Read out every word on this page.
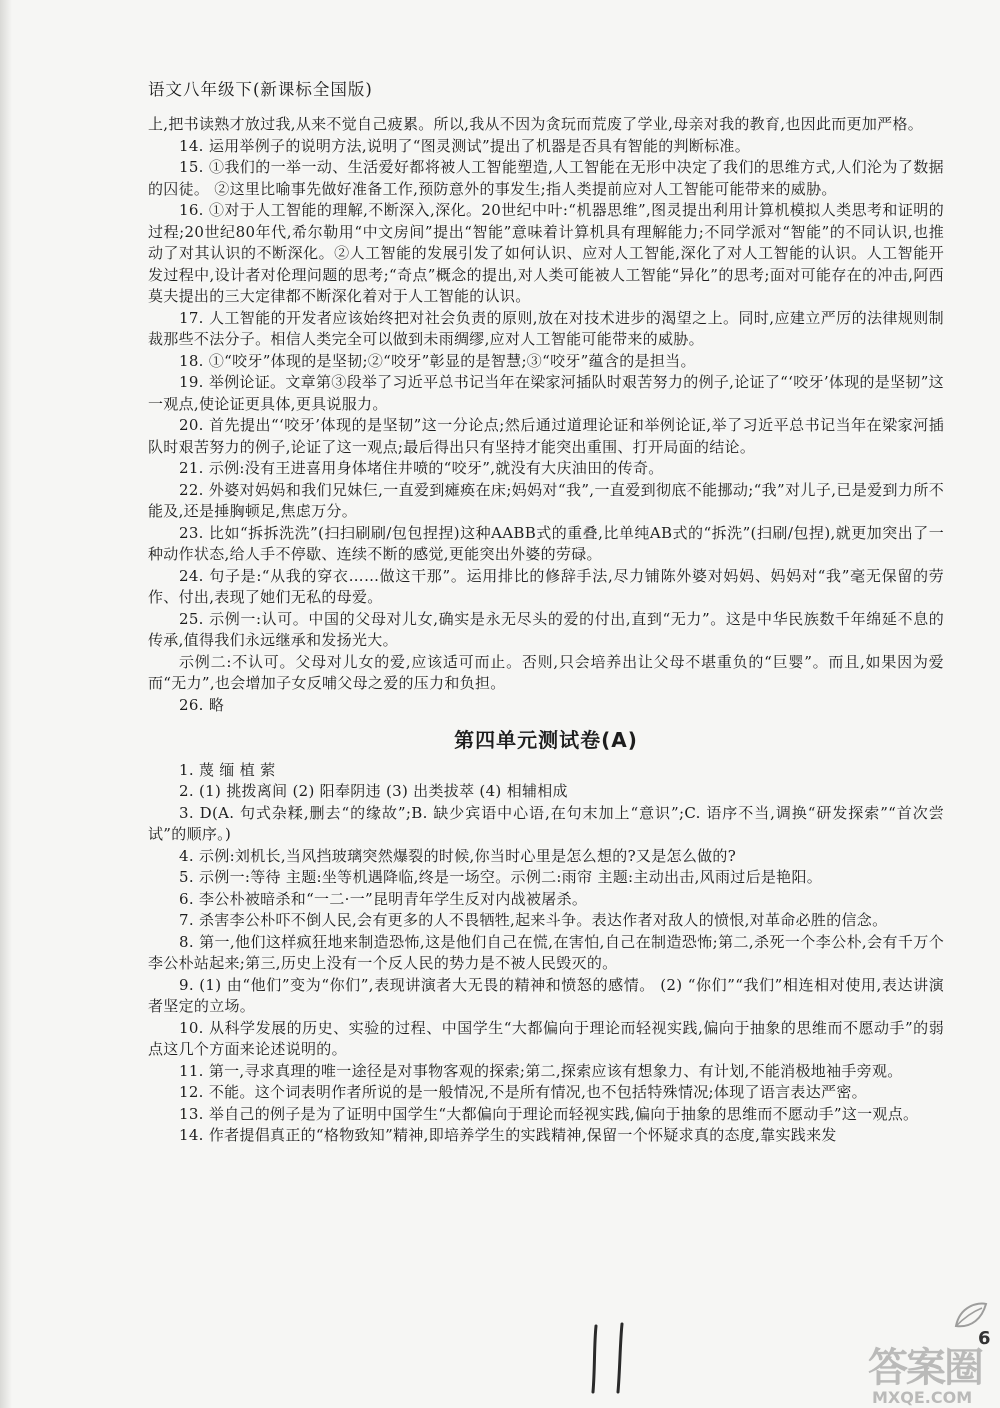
语文八年级下(新课标全国版)

上,把书读熟才放过我,从来不觉自己疲累。所以,我从不因为贪玩而荒废了学业,母亲对我的教育,也因此而更加严格。

14. 运用举例子的说明方法,说明了“图灵测试”提出了机器是否具有智能的判断标准。

15. ①我们的一举一动、生活爱好都将被人工智能塑造,人工智能在无形中决定了我们的思维方式,人们沦为了数据的囚徒。 ②这里比喻事先做好准备工作,预防意外的事发生;指人类提前应对人工智能可能带来的威胁。

16. ①对于人工智能的理解,不断深入,深化。20世纪中叶:“机器思维”,图灵提出利用计算机模拟人类思考和证明的过程;20世纪80年代,希尔勒用“中文房间”提出“智能”意味着计算机具有理解能力;不同学派对“智能”的不同认识,也推动了对其认识的不断深化。②人工智能的发展引发了如何认识、应对人工智能,深化了对人工智能的认识。人工智能开发过程中,设计者对伦理问题的思考;“奇点”概念的提出,对人类可能被人工智能“异化”的思考;面对可能存在的冲击,阿西莫夫提出的三大定律都不断深化着对于人工智能的认识。

17. 人工智能的开发者应该始终把对社会负责的原则,放在对技术进步的渴望之上。同时,应建立严厉的法律规则制裁那些不法分子。相信人类完全可以做到未雨绸缪,应对人工智能可能带来的威胁。

18. ①“咬牙”体现的是坚韧;②“咬牙”彰显的是智慧;③“咬牙”蕴含的是担当。

19. 举例论证。文章第③段举了习近平总书记当年在梁家河插队时艰苦努力的例子,论证了“‘咬牙’体现的是坚韧”这一观点,使论证更具体,更具说服力。

20. 首先提出“‘咬牙’体现的是坚韧”这一分论点;然后通过道理论证和举例论证,举了习近平总书记当年在梁家河插队时艰苦努力的例子,论证了这一观点;最后得出只有坚持才能突出重围、打开局面的结论。

21. 示例:没有王进喜用身体堵住井喷的“咬牙”,就没有大庆油田的传奇。

22. 外婆对妈妈和我们兄妹仨,一直爱到瘫痪在床;妈妈对“我”,一直爱到彻底不能挪动;“我”对儿子,已是爱到力所不能及,还是捶胸顿足,焦虑万分。

23. 比如“拆拆洗洗”(扫扫刷刷/包包捏捏)这种AABB式的重叠,比单纯AB式的“拆洗”(扫刷/包捏),就更加突出了一种动作状态,给人手不停歇、连续不断的感觉,更能突出外婆的劳碌。

24. 句子是:“从我的穿衣……做这干那”。运用排比的修辞手法,尽力铺陈外婆对妈妈、妈妈对“我”毫无保留的劳作、付出,表现了她们无私的母爱。

25. 示例一:认可。中国的父母对儿女,确实是永无尽头的爱的付出,直到“无力”。这是中华民族数千年绵延不息的传承,值得我们永远继承和发扬光大。

示例二:不认可。父母对儿女的爱,应该适可而止。否则,只会培养出让父母不堪重负的“巨婴”。而且,如果因为爱而“无力”,也会增加子女反哺父母之爱的压力和负担。

26. 略

第四单元测试卷(A)

1. 蔑 缅 植 萦

2. (1) 挑拨离间 (2) 阳奉阴违 (3) 出类拔萃 (4) 相辅相成

3. D(A. 句式杂糅,删去“的缘故”;B. 缺少宾语中心语,在句末加上“意识”;C. 语序不当,调换“研发探索”“首次尝试”的顺序。)

4. 示例:刘机长,当风挡玻璃突然爆裂的时候,你当时心里是怎么想的?又是怎么做的?

5. 示例一:等待 主题:坐等机遇降临,终是一场空。示例二:雨帘 主题:主动出击,风雨过后是艳阳。

6. 李公朴被暗杀和“一二·一”昆明青年学生反对内战被屠杀。

7. 杀害李公朴吓不倒人民,会有更多的人不畏牺牲,起来斗争。表达作者对敌人的愤恨,对革命必胜的信念。

8. 第一,他们这样疯狂地来制造恐怖,这是他们自己在慌,在害怕,自己在制造恐怖;第二,杀死一个李公朴,会有千万个李公朴站起来;第三,历史上没有一个反人民的势力是不被人民毁灭的。

9. (1) 由“他们”变为“你们”,表现讲演者大无畏的精神和愤怒的感情。 (2) “你们”“我们”相连相对使用,表达讲演者坚定的立场。

10. 从科学发展的历史、实验的过程、中国学生“大都偏向于理论而轻视实践,偏向于抽象的思维而不愿动手”的弱点这几个方面来论述说明的。

11. 第一,寻求真理的唯一途径是对事物客观的探索;第二,探索应该有想象力、有计划,不能消极地袖手旁观。

12. 不能。这个词表明作者所说的是一般情况,不是所有情况,也不包括特殊情况;体现了语言表达严密。

13. 举自己的例子是为了证明中国学生“大都偏向于理论而轻视实践,偏向于抽象的思维而不愿动手”这一观点。

14. 作者提倡真正的“格物致知”精神,即培养学生的实践精神,保留一个怀疑求真的态度,靠实践来发

答案圈
MXQE.COM
6
